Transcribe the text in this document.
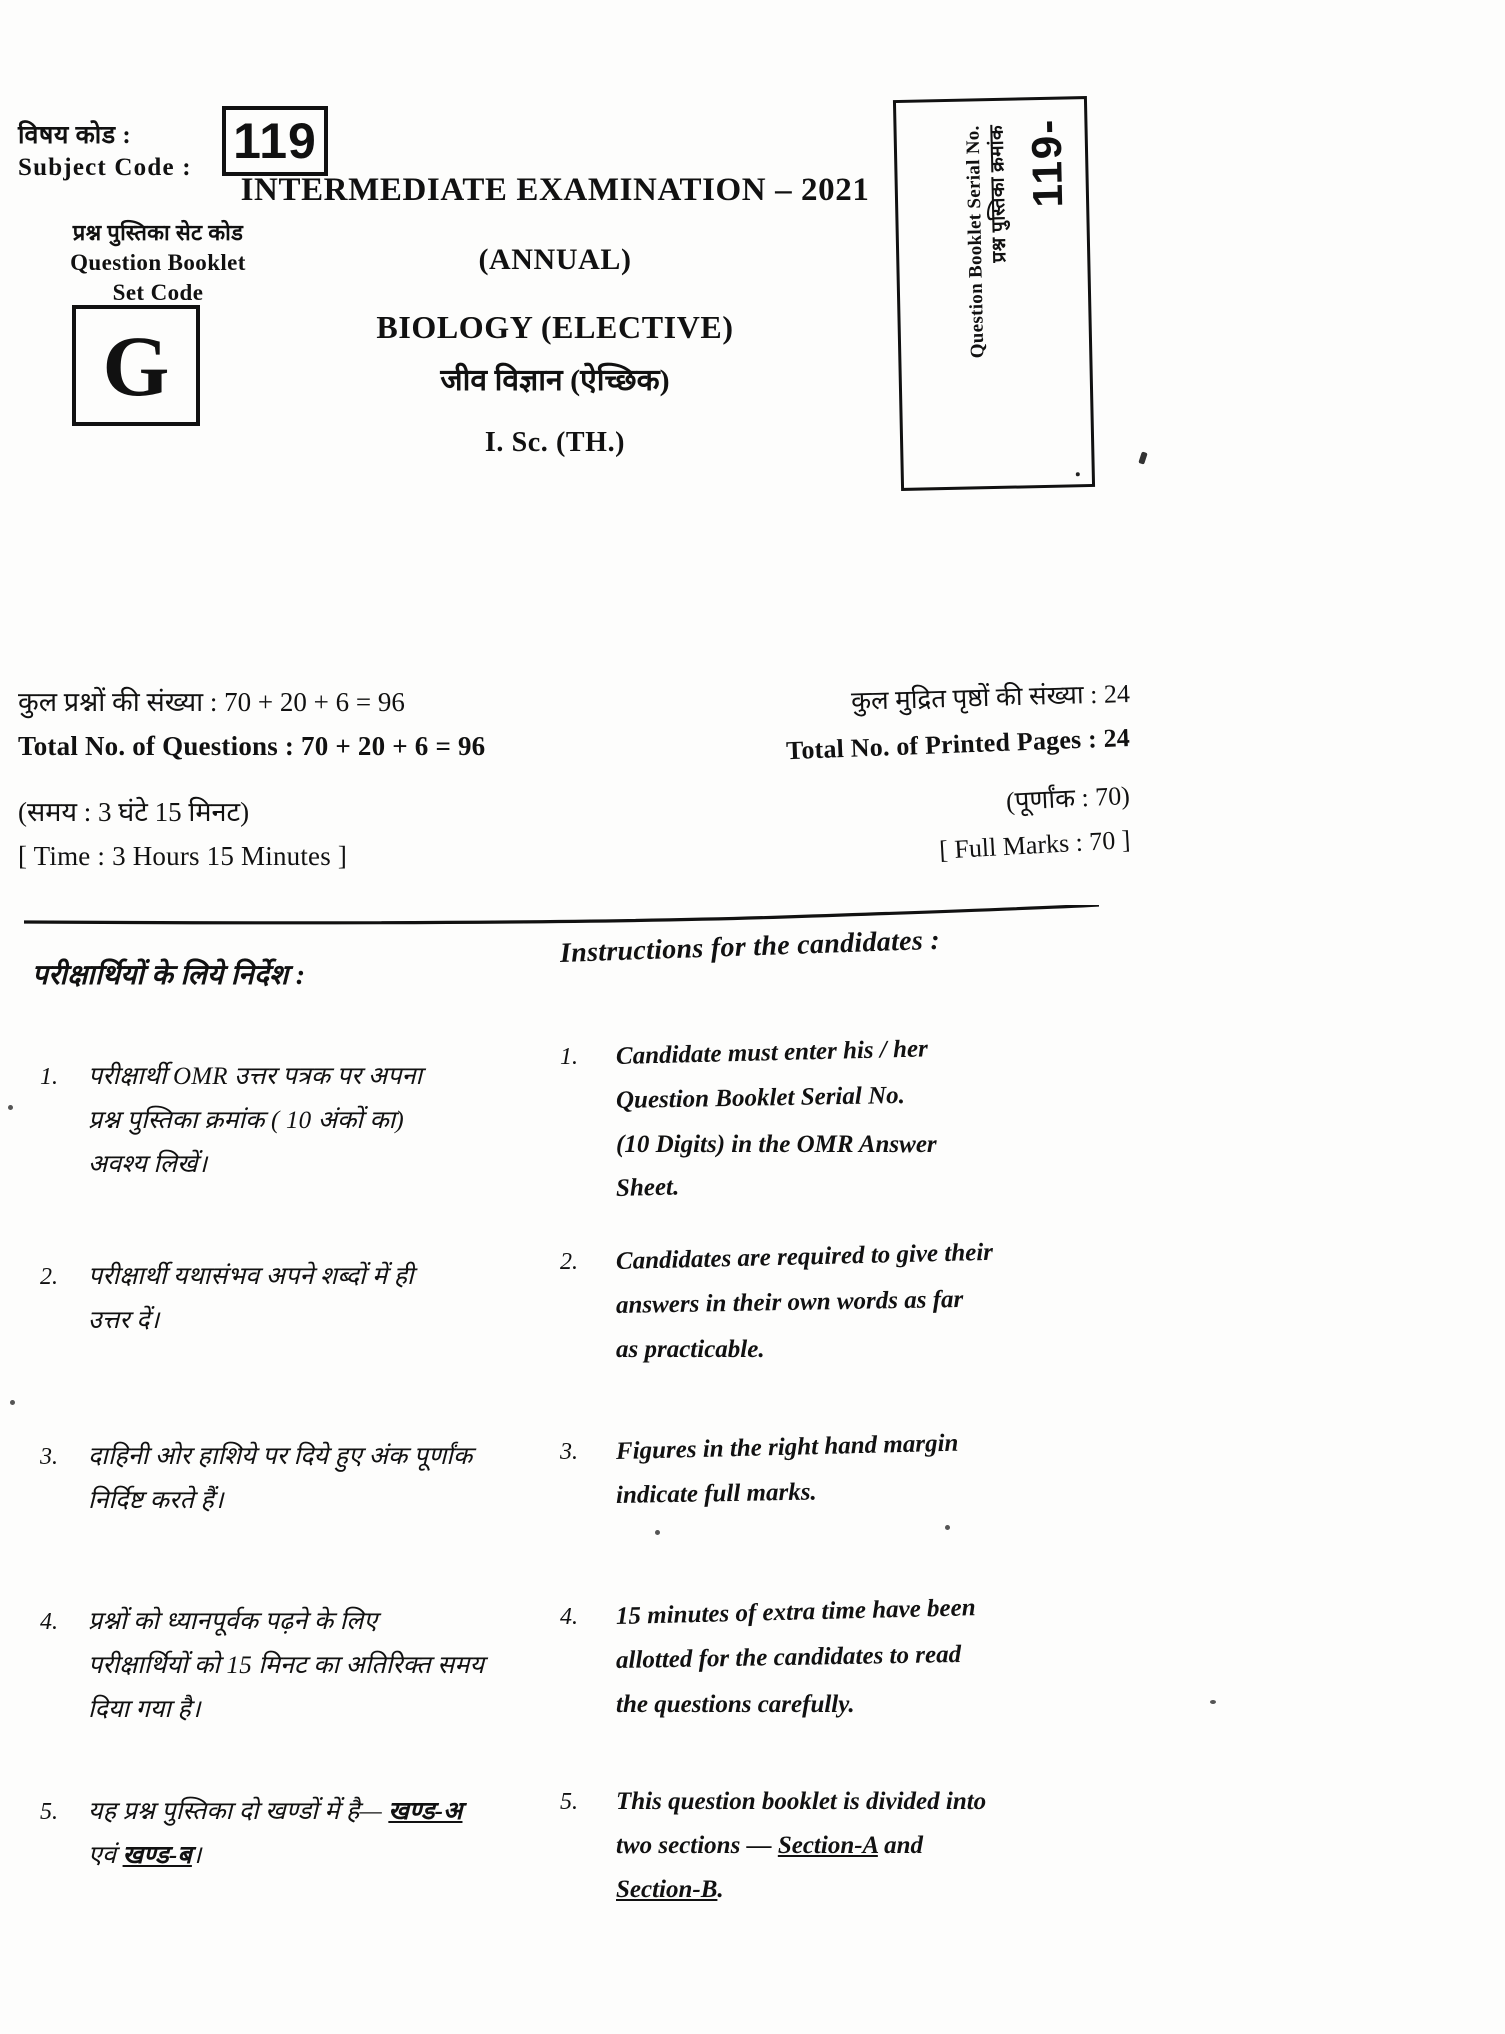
विषय कोड :
Subject Code : 119
प्रश्न पुस्तिका सेट कोड
Question Booklet
Set Code
G
INTERMEDIATE EXAMINATION – 2021
(ANNUAL)
BIOLOGY (ELECTIVE)
जीव विज्ञान (ऐच्छिक)
I. Sc. (TH.)
119-
प्रश्न पुस्तिका क्रमांक
Question Booklet Serial No.
कुल प्रश्नों की संख्या : 70 + 20 + 6 = 96
Total No. of Questions : 70 + 20 + 6 = 96
(समय : 3 घंटे 15 मिनट)
[ Time : 3 Hours 15 Minutes ]
कुल मुद्रित पृष्ठों की संख्या : 24
Total No. of Printed Pages : 24
(पूर्णांक : 70)
[ Full Marks : 70 ]
परीक्षार्थियों के लिये निर्देश :
Instructions for the candidates :
1.	परीक्षार्थी OMR उत्तर पत्रक पर अपना
प्रश्न पुस्तिका क्रमांक ( 10 अंकों का)
अवश्य लिखें।
2.	परीक्षार्थी यथासंभव अपने शब्दों में ही
उत्तर दें।
3.	दाहिनी ओर हाशिये पर दिये हुए अंक पूर्णांक
निर्दिष्ट करते हैं।
4.	प्रश्नों को ध्यानपूर्वक पढ़ने के लिए
परीक्षार्थियों को 15 मिनट का अतिरिक्त समय
दिया गया है।
5.	यह प्रश्न पुस्तिका दो खण्डों में है— खण्ड-अ
एवं खण्ड-ब।
1.	Candidate must enter his / her
Question Booklet Serial No.
(10 Digits) in the OMR Answer
Sheet.
2.	Candidates are required to give their
answers in their own words as far
as practicable.
3.	Figures in the right hand margin
indicate full marks.
4.	15 minutes of extra time have been
allotted for the candidates to read
the questions carefully.
5.	This question booklet is divided into
two sections — Section-A and
Section-B.
